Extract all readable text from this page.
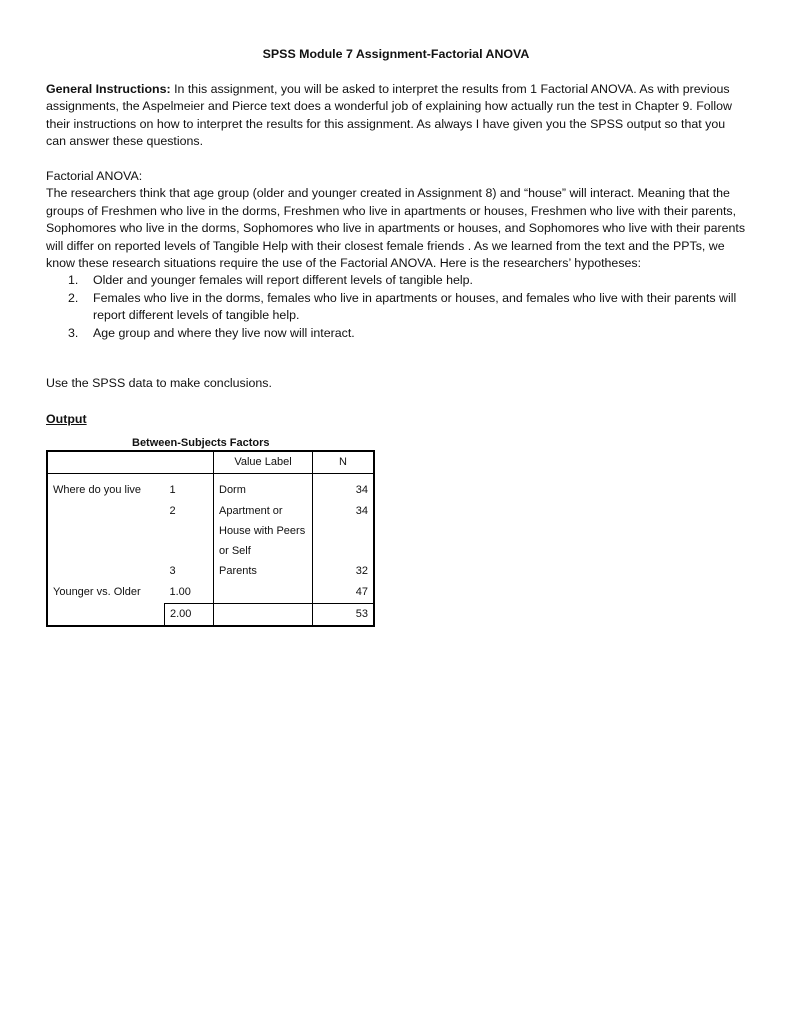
SPSS Module 7 Assignment-Factorial ANOVA

General Instructions: In this assignment, you will be asked to interpret the results from 1 Factorial ANOVA. As with previous assignments, the Aspelmeier and Pierce text does a wonderful job of explaining how actually run the test in Chapter 9. Follow their instructions on how to interpret the results for this assignment. As always I have given you the SPSS output so that you can answer these questions.

Factorial ANOVA:
The researchers think that age group (older and younger created in Assignment 8) and “house” will interact. Meaning that the groups of Freshmen who live in the dorms, Freshmen who live in apartments or houses, Freshmen who live with their parents, Sophomores who live in the dorms, Sophomores who live in apartments or houses, and Sophomores who live with their parents will differ on reported levels of Tangible Help with their closest female friends . As we learned from the text and the PPTs, we know these research situations require the use of the Factorial ANOVA. Here is the researchers’ hypotheses:
1. Older and younger females will report different levels of tangible help.
2. Females who live in the dorms, females who live in apartments or houses, and females who live with their parents will report different levels of tangible help.
3. Age group and where they live now will interact.

Use the SPSS data to make conclusions.

Output

Between-Subjects Factors
		Value Label	N
Where do you live	1	Dorm	34
	2	Apartment or House with Peers or Self	34
	3	Parents	32
Younger vs. Older	1.00		47
	2.00		53
